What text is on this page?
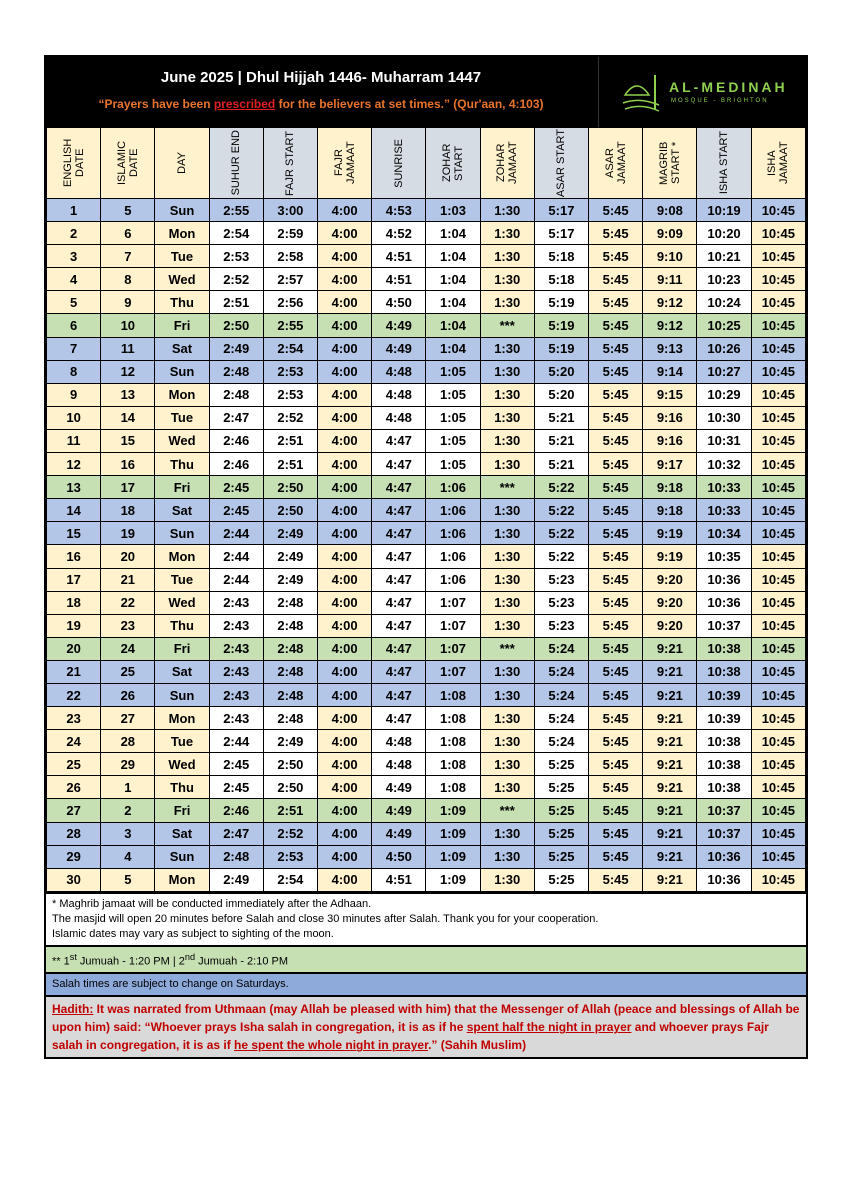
June 2025 | Dhul Hijjah 1446- Muharram 1447
“Prayers have been prescribed for the believers at set times.” (Qur'aan, 4:103)
AL-MEDINAH
MOSQUE - BRIGHTON
ENGLISH DATE	ISLAMIC DATE	DAY	SUHUR END	FAJR START	FAJR JAMAAT	SUNRISE	ZOHAR START	ZOHAR JAMAAT	ASAR START	ASAR JAMAAT	MAGRIB START *	ISHA START	ISHA JAMAAT

1	5	Sun	2:55	3:00	4:00	4:53	1:03	1:30	5:17	5:45	9:08	10:19	10:45
2	6	Mon	2:54	2:59	4:00	4:52	1:04	1:30	5:17	5:45	9:09	10:20	10:45
3	7	Tue	2:53	2:58	4:00	4:51	1:04	1:30	5:18	5:45	9:10	10:21	10:45
4	8	Wed	2:52	2:57	4:00	4:51	1:04	1:30	5:18	5:45	9:11	10:23	10:45
5	9	Thu	2:51	2:56	4:00	4:50	1:04	1:30	5:19	5:45	9:12	10:24	10:45
6	10	Fri	2:50	2:55	4:00	4:49	1:04	***	5:19	5:45	9:12	10:25	10:45
7	11	Sat	2:49	2:54	4:00	4:49	1:04	1:30	5:19	5:45	9:13	10:26	10:45
8	12	Sun	2:48	2:53	4:00	4:48	1:05	1:30	5:20	5:45	9:14	10:27	10:45
9	13	Mon	2:48	2:53	4:00	4:48	1:05	1:30	5:20	5:45	9:15	10:29	10:45
10	14	Tue	2:47	2:52	4:00	4:48	1:05	1:30	5:21	5:45	9:16	10:30	10:45
11	15	Wed	2:46	2:51	4:00	4:47	1:05	1:30	5:21	5:45	9:16	10:31	10:45
12	16	Thu	2:46	2:51	4:00	4:47	1:05	1:30	5:21	5:45	9:17	10:32	10:45
13	17	Fri	2:45	2:50	4:00	4:47	1:06	***	5:22	5:45	9:18	10:33	10:45
14	18	Sat	2:45	2:50	4:00	4:47	1:06	1:30	5:22	5:45	9:18	10:33	10:45
15	19	Sun	2:44	2:49	4:00	4:47	1:06	1:30	5:22	5:45	9:19	10:34	10:45
16	20	Mon	2:44	2:49	4:00	4:47	1:06	1:30	5:22	5:45	9:19	10:35	10:45
17	21	Tue	2:44	2:49	4:00	4:47	1:06	1:30	5:23	5:45	9:20	10:36	10:45
18	22	Wed	2:43	2:48	4:00	4:47	1:07	1:30	5:23	5:45	9:20	10:36	10:45
19	23	Thu	2:43	2:48	4:00	4:47	1:07	1:30	5:23	5:45	9:20	10:37	10:45
20	24	Fri	2:43	2:48	4:00	4:47	1:07	***	5:24	5:45	9:21	10:38	10:45
21	25	Sat	2:43	2:48	4:00	4:47	1:07	1:30	5:24	5:45	9:21	10:38	10:45
22	26	Sun	2:43	2:48	4:00	4:47	1:08	1:30	5:24	5:45	9:21	10:39	10:45
23	27	Mon	2:43	2:48	4:00	4:47	1:08	1:30	5:24	5:45	9:21	10:39	10:45
24	28	Tue	2:44	2:49	4:00	4:48	1:08	1:30	5:24	5:45	9:21	10:38	10:45
25	29	Wed	2:45	2:50	4:00	4:48	1:08	1:30	5:25	5:45	9:21	10:38	10:45
26	1	Thu	2:45	2:50	4:00	4:49	1:08	1:30	5:25	5:45	9:21	10:38	10:45
27	2	Fri	2:46	2:51	4:00	4:49	1:09	***	5:25	5:45	9:21	10:37	10:45
28	3	Sat	2:47	2:52	4:00	4:49	1:09	1:30	5:25	5:45	9:21	10:37	10:45
29	4	Sun	2:48	2:53	4:00	4:50	1:09	1:30	5:25	5:45	9:21	10:36	10:45
30	5	Mon	2:49	2:54	4:00	4:51	1:09	1:30	5:25	5:45	9:21	10:36	10:45
* Maghrib jamaat will be conducted immediately after the Adhaan.
The masjid will open 20 minutes before Salah and close 30 minutes after Salah. Thank you for your cooperation.
Islamic dates may vary as subject to sighting of the moon.
** 1st Jumuah - 1:20 PM | 2nd Jumuah - 2:10 PM
Salah times are subject to change on Saturdays.
Hadith: It was narrated from Uthmaan (may Allah be pleased with him) that the Messenger of Allah (peace and blessings of Allah be upon him) said: “Whoever prays Isha salah in congregation, it is as if he spent half the night in prayer and whoever prays Fajr salah in congregation, it is as if he spent the whole night in prayer.” (Sahih Muslim)
